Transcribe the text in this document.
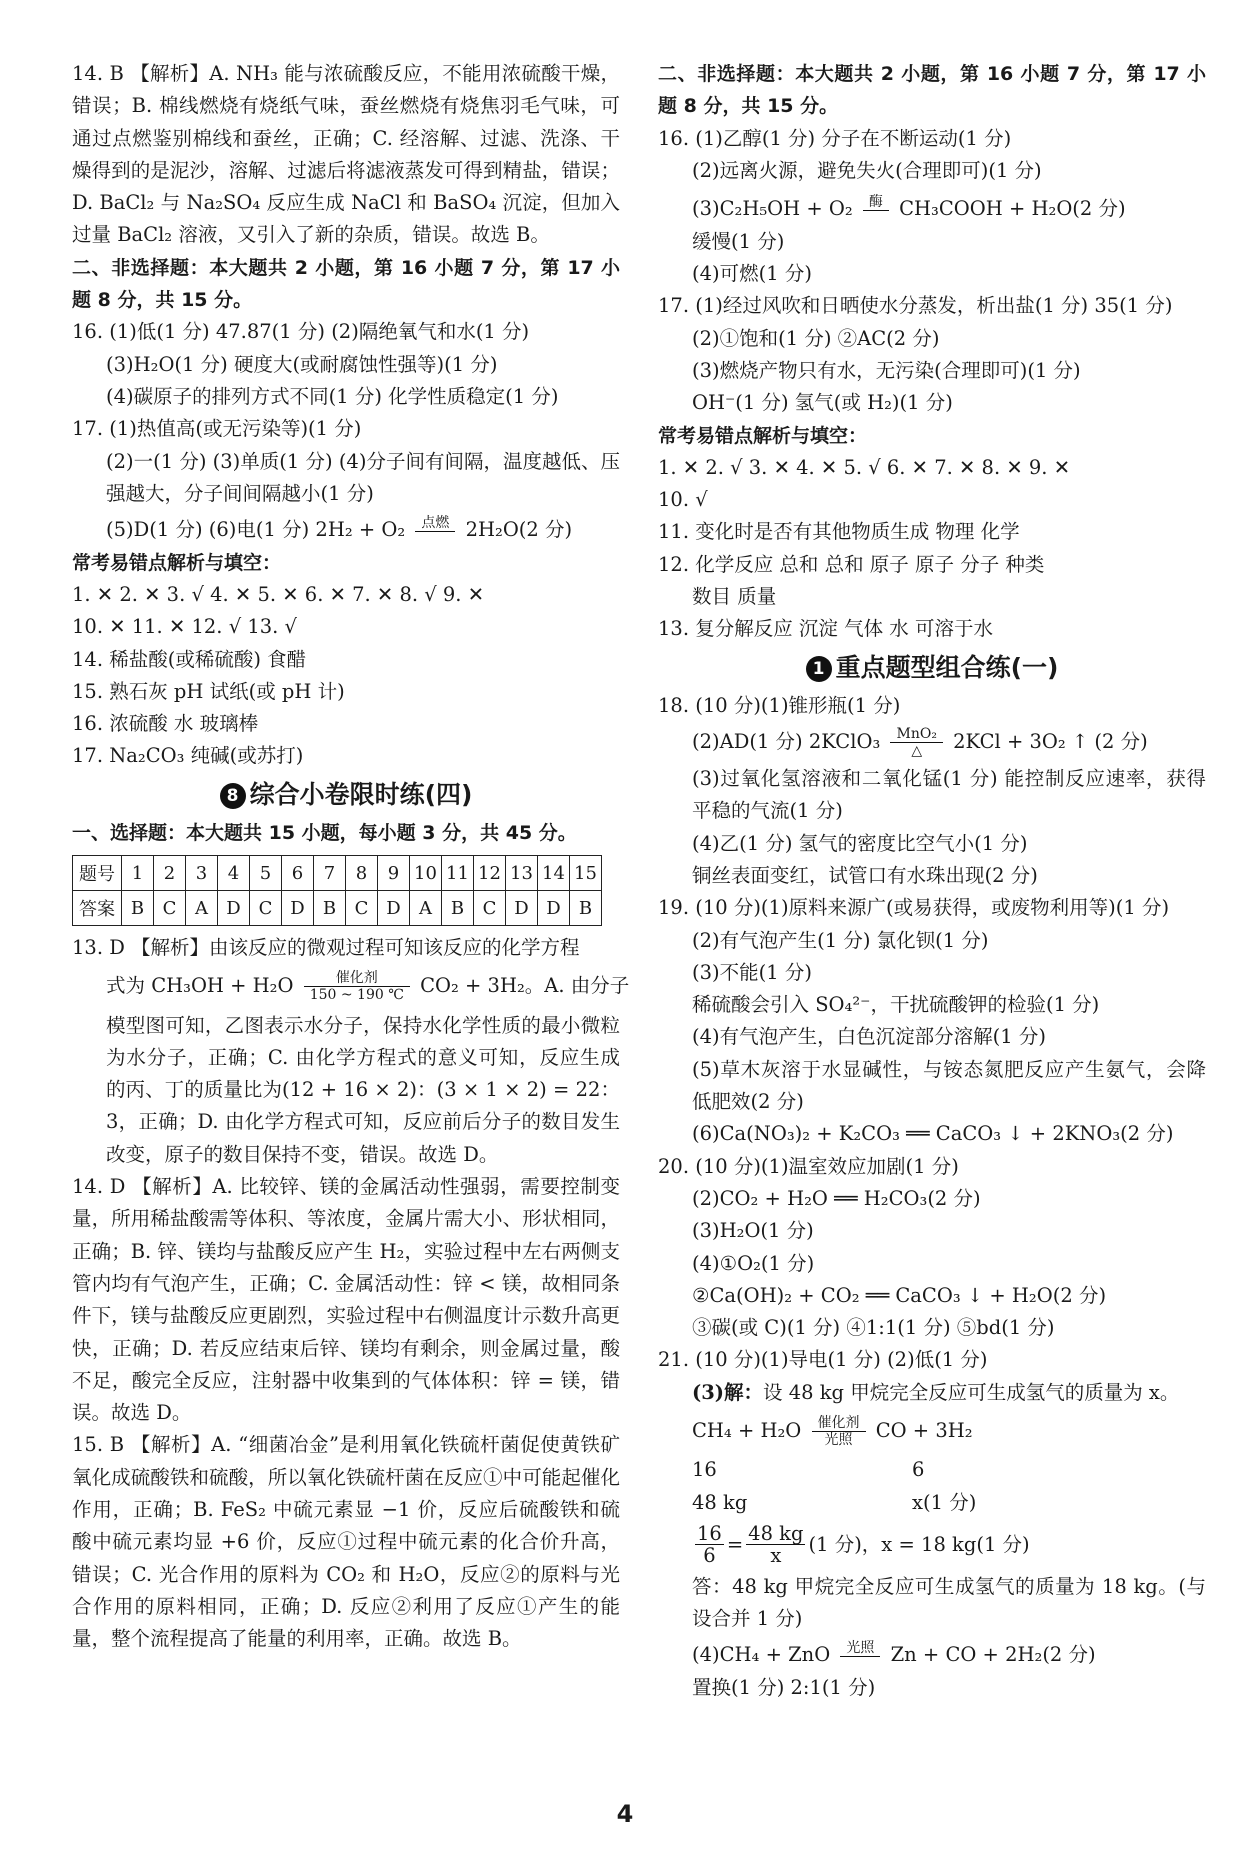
14. B 【解析】A. NH₃ 能与浓硫酸反应，不能用浓硫酸干燥，错误；B. 棉线燃烧有烧纸气味，蚕丝燃烧有烧焦羽毛气味，可通过点燃鉴别棉线和蚕丝，正确；C. 经溶解、过滤、洗涤、干燥得到的是泥沙，溶解、过滤后将滤液蒸发可得到精盐，错误；D. BaCl₂ 与 Na₂SO₄ 反应生成 NaCl 和 BaSO₄ 沉淀，但加入过量 BaCl₂ 溶液，又引入了新的杂质，错误。故选 B。
二、非选择题：本大题共 2 小题，第 16 小题 7 分，第 17 小题 8 分，共 15 分。
16. (1)低(1 分) 47.87(1 分) (2)隔绝氧气和水(1 分)
(3)H₂O(1 分) 硬度大(或耐腐蚀性强等)(1 分)
(4)碳原子的排列方式不同(1 分) 化学性质稳定(1 分)
17. (1)热值高(或无污染等)(1 分)
(2)一(1 分) (3)单质(1 分) (4)分子间有间隔，温度越低、压强越大，分子间间隔越小(1 分)
(5)D(1 分) (6)电(1 分) 2H₂ + O₂	点燃 2H₂O(2 分)
常考易错点解析与填空：
1. ✕ 2. ✕ 3. √ 4. ✕ 5. ✕ 6. ✕ 7. ✕ 8. √ 9. ✕
10. ✕ 11. ✕ 12. √ 13. √
14. 稀盐酸(或稀硫酸) 食醋
15. 熟石灰 pH 试纸(或 pH 计)
16. 浓硫酸 水 玻璃棒
17. Na₂CO₃ 纯碱(或苏打)
8 综合小卷限时练(四)
一、选择题：本大题共 15 小题，每小题 3 分，共 45 分。
题号	1	2	3	4	5	6	7	8	9	10	11	12	13	14	15
答案	B	C	A	D	C	D	B	C	D	A	B	C	D	D	B
13. D 【解析】由该反应的微观过程可知该反应的化学方程
式为 CH₃OH + H₂O	催化剂
150 ~ 190 ℃ CO₂ + 3H₂。A. 由分子
模型图可知，乙图表示水分子，保持水化学性质的最小微粒为水分子，正确；C. 由化学方程式的意义可知，反应生成的丙、丁的质量比为(12 + 16 × 2)：(3 × 1 × 2) = 22：3，正确；D. 由化学方程式可知，反应前后分子的数目发生改变，原子的数目保持不变，错误。故选 D。
14. D 【解析】A. 比较锌、镁的金属活动性强弱，需要控制变量，所用稀盐酸需等体积、等浓度，金属片需大小、形状相同，正确；B. 锌、镁均与盐酸反应产生 H₂，实验过程中左右两侧支管内均有气泡产生，正确；C. 金属活动性：锌 < 镁，故相同条件下，镁与盐酸反应更剧烈，实验过程中右侧温度计示数升高更快，正确；D. 若反应结束后锌、镁均有剩余，则金属过量，酸不足，酸完全反应，注射器中收集到的气体体积：锌 = 镁，错误。故选 D。
15. B 【解析】A. “细菌冶金”是利用氧化铁硫杆菌促使黄铁矿氧化成硫酸铁和硫酸，所以氧化铁硫杆菌在反应①中可能起催化作用，正确；B. FeS₂ 中硫元素显 −1 价，反应后硫酸铁和硫酸中硫元素均显 +6 价，反应①过程中硫元素的化合价升高，错误；C. 光合作用的原料为 CO₂ 和 H₂O，反应②的原料与光合作用的原料相同，正确；D. 反应②利用了反应①产生的能量，整个流程提高了能量的利用率，正确。故选 B。
二、非选择题：本大题共 2 小题，第 16 小题 7 分，第 17 小题 8 分，共 15 分。
16. (1)乙醇(1 分) 分子在不断运动(1 分)
(2)远离火源，避免失火(合理即可)(1 分)
(3)C₂H₅OH + O₂	酶 CH₃COOH + H₂O(2 分)
缓慢(1 分)
(4)可燃(1 分)
17. (1)经过风吹和日晒使水分蒸发，析出盐(1 分) 35(1 分)
(2)①饱和(1 分) ②AC(2 分)
(3)燃烧产物只有水，无污染(合理即可)(1 分)
OH⁻(1 分) 氢气(或 H₂)(1 分)
常考易错点解析与填空：
1. ✕ 2. √ 3. ✕ 4. ✕ 5. √ 6. ✕ 7. ✕ 8. ✕ 9. ✕
10. √
11. 变化时是否有其他物质生成 物理 化学
12. 化学反应 总和 总和 原子 原子 分子 种类
数目 质量
13. 复分解反应 沉淀 气体 水 可溶于水
1 重点题型组合练(一)
18. (10 分)(1)锥形瓶(1 分)
(2)AD(1 分) 2KClO₃	MnO₂
△	2KCl + 3O₂ ↑ (2 分)
(3)过氧化氢溶液和二氧化锰(1 分) 能控制反应速率，获得平稳的气流(1 分)
(4)乙(1 分) 氢气的密度比空气小(1 分)
铜丝表面变红，试管口有水珠出现(2 分)
19. (10 分)(1)原料来源广(或易获得，或废物利用等)(1 分)
(2)有气泡产生(1 分) 氯化钡(1 分)
(3)不能(1 分)
稀硫酸会引入 SO₄²⁻，干扰硫酸钾的检验(1 分)
(4)有气泡产生，白色沉淀部分溶解(1 分)
(5)草木灰溶于水显碱性，与铵态氮肥反应产生氨气，会降低肥效(2 分)
(6)Ca(NO₃)₂ + K₂CO₃ ══ CaCO₃ ↓ + 2KNO₃(2 分)
20. (10 分)(1)温室效应加剧(1 分)
(2)CO₂ + H₂O ══ H₂CO₃(2 分)
(3)H₂O(1 分)
(4)①O₂(1 分)
②Ca(OH)₂ + CO₂ ══ CaCO₃ ↓ + H₂O(2 分)
③碳(或 C)(1 分) ④1:1(1 分) ⑤bd(1 分)
21. (10 分)(1)导电(1 分) (2)低(1 分)
(3)解：设 48 kg 甲烷完全反应可生成氢气的质量为 x。
CH₄ + H₂O	催化剂
光照	CO + 3H₂
16	6
48 kg	x(1 分)
$\frac{16}{6} = \frac{48 kg}{x} (1$ 分)，x = 18 kg(1 分)
答：48 kg 甲烷完全反应可生成氢气的质量为 18 kg。(与设合并 1 分)
(4)CH₄ + ZnO	光照 Zn + CO + 2H₂(2 分)
置换(1 分) 2:1(1 分)
4
